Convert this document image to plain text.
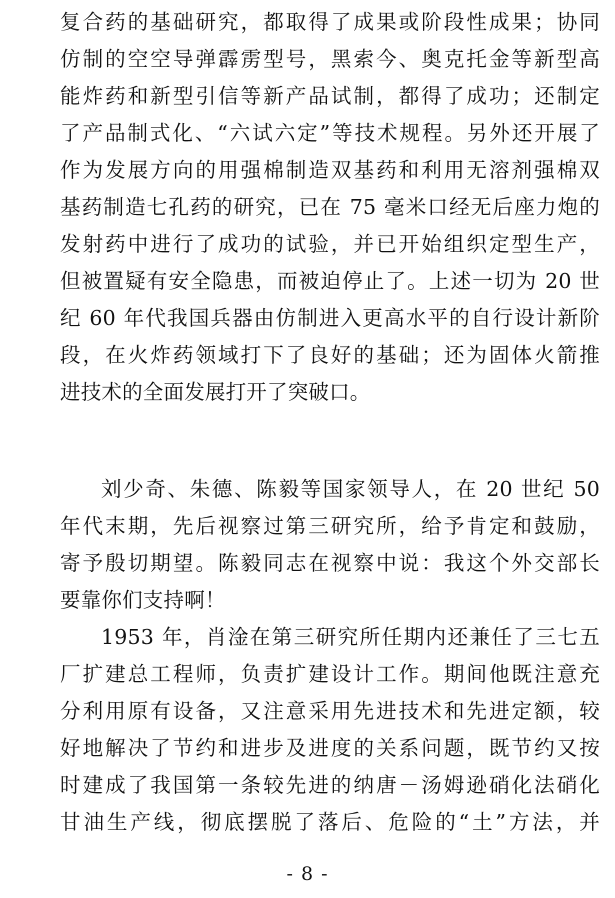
复合药的基础研究，都取得了成果或阶段性成果；协同
仿制的空空导弹霹雳型号，黑索今、奥克托金等新型高
能炸药和新型引信等新产品试制，都得了成功；还制定
了产品制式化、“六试六定”等技术规程。另外还开展了
作为发展方向的用强棉制造双基药和利用无溶剂强棉双
基药制造七孔药的研究，已在 75 毫米口经无后座力炮的
发射药中进行了成功的试验，并已开始组织定型生产，
但被置疑有安全隐患，而被迫停止了。上述一切为 20 世
纪 60 年代我国兵器由仿制进入更高水平的自行设计新阶
段，在火炸药领域打下了良好的基础；还为固体火箭推
进技术的全面发展打开了突破口。
刘少奇、朱德、陈毅等国家领导人，在 20 世纪 50
年代末期，先后视察过第三研究所，给予肯定和鼓励，
寄予殷切期望。陈毅同志在视察中说：我这个外交部长
要靠你们支持啊！
1953 年，肖淦在第三研究所任期内还兼任了三七五
厂扩建总工程师，负责扩建设计工作。期间他既注意充
分利用原有设备，又注意采用先进技术和先进定额，较
好地解决了节约和进步及进度的关系问题，既节约又按
时建成了我国第一条较先进的纳唐－汤姆逊硝化法硝化
甘油生产线，彻底摆脱了落后、危险的“土”方法，并
- 8 -
